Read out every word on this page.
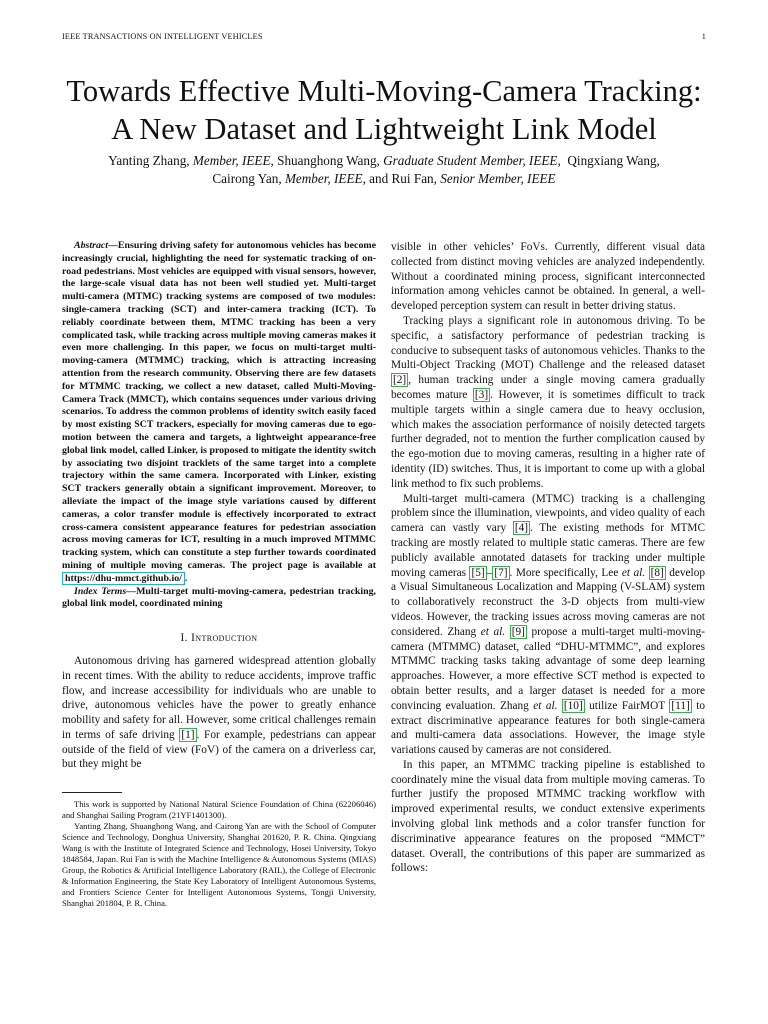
IEEE TRANSACTIONS ON INTELLIGENT VEHICLES	1
Towards Effective Multi-Moving-Camera Tracking:
A New Dataset and Lightweight Link Model
Yanting Zhang, Member, IEEE, Shuanghong Wang, Graduate Student Member, IEEE, Qingxiang Wang,
Cairong Yan, Member, IEEE, and Rui Fan, Senior Member, IEEE

Abstract—Ensuring driving safety for autonomous vehicles has become increasingly crucial, highlighting the need for systematic tracking of on-road pedestrians. Most vehicles are equipped with visual sensors, however, the large-scale visual data has not been well studied yet. Multi-target multi-camera (MTMC) tracking systems are composed of two modules: single-camera tracking (SCT) and inter-camera tracking (ICT). To reliably coordinate between them, MTMC tracking has been a very complicated task, while tracking across multiple moving cameras makes it even more challenging. In this paper, we focus on multi-target multi-moving-camera (MTMMC) tracking, which is attracting increasing attention from the research community. Observing there are few datasets for MTMMC tracking, we collect a new dataset, called Multi-Moving-Camera Track (MMCT), which contains sequences under various driving scenarios. To address the common problems of identity switch easily faced by most existing SCT trackers, especially for moving cameras due to ego-motion between the camera and targets, a lightweight appearance-free global link model, called Linker, is proposed to mitigate the identity switch by associating two disjoint tracklets of the same target into a complete trajectory within the same camera. Incorporated with Linker, existing SCT trackers generally obtain a significant improvement. Moreover, to alleviate the impact of the image style variations caused by different cameras, a color transfer module is effectively incorporated to extract cross-camera consistent appearance features for pedestrian association across moving cameras for ICT, resulting in a much improved MTMMC tracking system, which can constitute a step further towards coordinated mining of multiple moving cameras. The project page is available at https://dhu-mmct.github.io/ .

Index Terms—Multi-target multi-moving-camera, pedestrian tracking, global link model, coordinated mining

I. Introduction

Autonomous driving has garnered widespread attention globally in recent times. With the ability to reduce accidents, improve traffic flow, and increase accessibility for individuals who are unable to drive, autonomous vehicles have the power to greatly enhance mobility and safety for all. However, some critical challenges remain in terms of safe driving [1] . For example, pedestrians can appear outside of the field of view (FoV) of the camera on a driverless car, but they might be

This work is supported by National Natural Science Foundation of China (62206046) and Shanghai Sailing Program (21YF1401300).

Yanting Zhang, Shuanghong Wang, and Cairong Yan are with the School of Computer Science and Technology, Donghua University, Shanghai 201620, P. R. China. Qingxiang Wang is with the Institute of Integrated Science and Technology, Hosei University, Tokyo 1848584, Japan. Rui Fan is with the Machine Intelligence & Autonomous Systems (MIAS) Group, the Robotics & Artificial Intelligence Laboratory (RAIL), the College of Electronic & Information Engineering, the State Key Laboratory of Intelligent Autonomous Systems, and Frontiers Science Center for Intelligent Autonomous Systems, Tongji University, Shanghai 201804, P. R. China.

visible in other vehicles’ FoVs. Currently, different visual data collected from distinct moving vehicles are analyzed independently. Without a coordinated mining process, significant interconnected information among vehicles cannot be obtained. In general, a well-developed perception system can result in better driving status.

Tracking plays a significant role in autonomous driving. To be specific, a satisfactory performance of pedestrian tracking is conducive to subsequent tasks of autonomous vehicles. Thanks to the Multi-Object Tracking (MOT) Challenge and the released dataset [2] , human tracking under a single moving camera gradually becomes mature [3] . However, it is sometimes difficult to track multiple targets within a single camera due to heavy occlusion, which makes the association performance of noisily detected targets further degraded, not to mention the further complication caused by the ego-motion due to moving cameras, resulting in a higher rate of identity (ID) switches. Thus, it is important to come up with a global link method to fix such problems.

Multi-target multi-camera (MTMC) tracking is a challenging problem since the illumination, viewpoints, and video quality of each camera can vastly vary [4] . The existing methods for MTMC tracking are mostly related to multiple static cameras. There are few publicly available annotated datasets for tracking under multiple moving cameras [5] – [7] . More specifically, Lee et al. [8] develop a Visual Simultaneous Localization and Mapping (V-SLAM) system to collaboratively reconstruct the 3-D objects from multi-view videos. However, the tracking issues across moving cameras are not considered. Zhang et al. [9] propose a multi-target multi-moving-camera (MTMMC) dataset, called “DHU-MTMMC”, and explores MTMMC tracking tasks taking advantage of some deep learning approaches. However, a more effective SCT method is expected to obtain better results, and a larger dataset is needed for a more convincing evaluation. Zhang et al. [10] utilize FairMOT [11] to extract discriminative appearance features for both single-camera and multi-camera data associations. However, the image style variations caused by cameras are not considered.

In this paper, an MTMMC tracking pipeline is established to coordinately mine the visual data from multiple moving cameras. To further justify the proposed MTMMC tracking workflow with improved experimental results, we conduct extensive experiments involving global link methods and a color transfer function for discriminative appearance features on the proposed “MMCT” dataset. Overall, the contributions of this paper are summarized as follows:
